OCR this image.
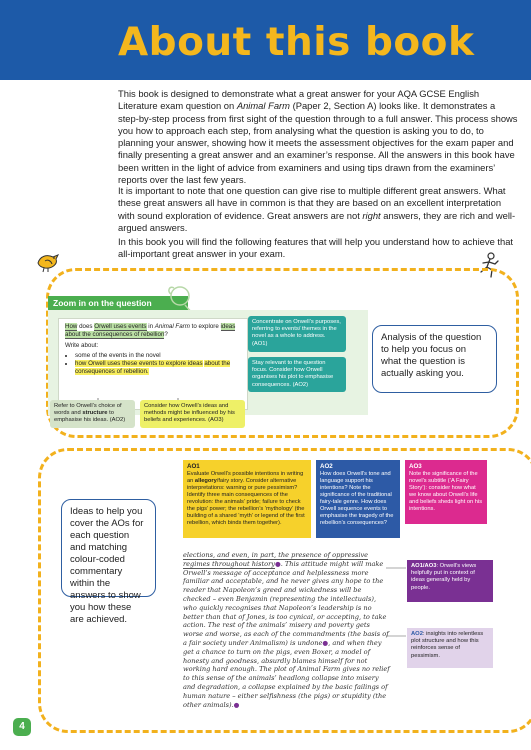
About this book

This book is designed to demonstrate what a great answer for your AQA GCSE English Literature exam question on Animal Farm (Paper 2, Section A) looks like. It demonstrates a step-by-step process from first sight of the question through to a full answer. This process shows you how to approach each step, from analysing what the question is asking you to do, to planning your answer, showing how it meets the assessment objectives for the exam paper and finally presenting a great answer and an examiner’s response. All the answers in this book have been written in the light of advice from examiners and using tips drawn from the examiners’ reports over the last few years.

It is important to note that one question can give rise to multiple different great answers. What these great answers all have in common is that they are based on an excellent interpretation with sound exploration of evidence. Great answers are not right answers, they are rich and well-argued answers.

In this book you will find the following features that will help you understand how to achieve that all-important great answer in your exam.

Zoom in on the question

How does Orwell uses events in Animal Farm to explore ideas about the consequences of rebellion?

Write about:

• some of the events in the novel
• how Orwell uses these events to explore ideas about the consequences of rebellion.
Concentrate on Orwell’s purposes, referring to events/ themes in the novel as a whole to address. (AO1)
Stay relevant to the question focus. Consider how Orwell organises his plot to emphasise consequences. (AO2)
Refer to Orwell’s choice of words and structure to emphasise his ideas. (AO2)
Consider how Orwell’s ideas and methods might be influenced by his beliefs and experiences. (AO3)
Analysis of the question to help you focus on what the question is actually asking you.
Ideas to help you cover the AOs for each question and matching colour-coded commentary within the answers to show you how these are achieved.
AO1
Evaluate Orwell’s possible intentions in writing an allegory/fairy story. Consider alternative interpretations: warning or pure pessimism? Identify three main consequences of the revolution: the animals’ pride; failure to check the pigs’ power; the rebellion’s ‘mythology’ (the building of a shared ‘myth’ or legend of the first rebellion, which binds them together).
AO2
How does Orwell’s tone and language support his intentions? Note the significance of the traditional fairy-tale genre. How does Orwell sequence events to emphasise the tragedy of the rebellion’s consequences?
AO3
Note the significance of the novel’s subtitle (‘A Fairy Story’): consider how what we know about Orwell’s life and beliefs sheds light on his intentions.

elections, and even, in part, the presence of oppressive regimes throughout history●. This attitude might will make Orwell’s message of acceptance and helplessness more familiar and acceptable, and he never gives any hope to the reader that Napoleon’s greed and wickedness will be checked – even Benjamin (representing the intellectuals), who quickly recognises that Napoleon’s leadership is no better than that of Jones, is too cynical, or accepting, to take action. The rest of the animals’ misery and poverty gets worse and worse, as each of the commandments (the basis of a fair society under Animalism) is undone●, and when they get a chance to turn on the pigs, even Boxer, a model of honesty and goodness, absurdly blames himself for not working hard enough. The plot of Animal Farm gives no relief to this sense of the animals’ headlong collapse into misery and degradation, a collapse explained by the basic failings of human nature – either selfishness (the pigs) or stupidity (the other animals).●

AO1/AO3: Orwell’s views helpfully put in context of ideas generally held by people.
AO2: insights into relentless plot structure and how this reinforces sense of pessimism.
4
